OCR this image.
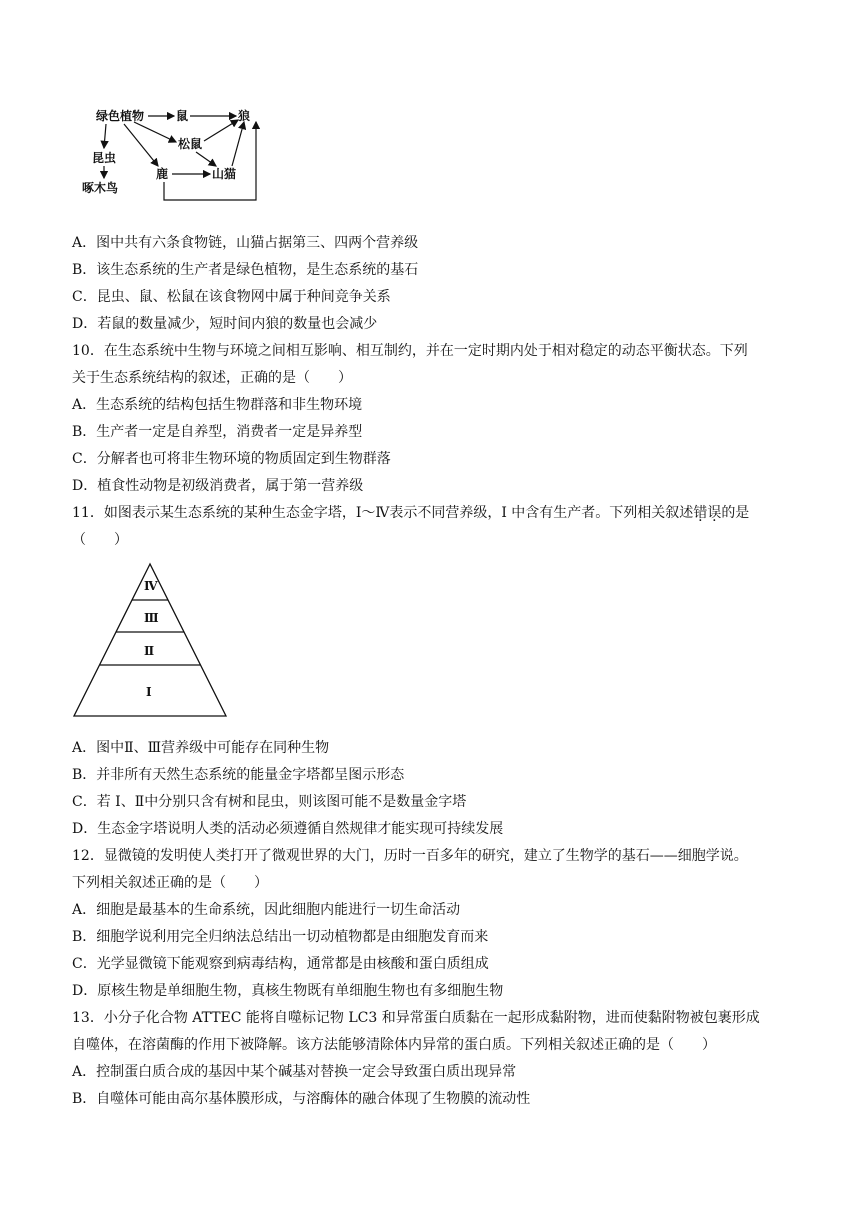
绿色植物	鼠	狼
松鼠
昆虫
啄木鸟
鹿	山猫
A．图中共有六条食物链，山猫占据第三、四两个营养级
B．该生态系统的生产者是绿色植物，是生态系统的基石
C．昆虫、鼠、松鼠在该食物网中属于种间竞争关系
D．若鼠的数量减少，短时间内狼的数量也会减少
10．在生态系统中生物与环境之间相互影响、相互制约，并在一定时期内处于相对稳定的动态平衡状态。下列
关于生态系统结构的叙述，正确的是（　　）
A．生态系统的结构包括生物群落和非生物环境
B．生产者一定是自养型，消费者一定是异养型
C．分解者也可将非生物环境的物质固定到生物群落
D．植食性动物是初级消费者，属于第一营养级
11．如图表示某生态系统的某种生态金字塔，I～Ⅳ表示不同营养级，I 中含有生产者。下列相关叙述错误的是
（　　）
Ⅳ
Ⅲ
Ⅱ
I
A．图中Ⅱ、Ⅲ营养级中可能存在同种生物
B．并非所有天然生态系统的能量金字塔都呈图示形态
C．若 I、Ⅱ中分别只含有树和昆虫，则该图可能不是数量金字塔
D．生态金字塔说明人类的活动必须遵循自然规律才能实现可持续发展
12．显微镜的发明使人类打开了微观世界的大门，历时一百多年的研究，建立了生物学的基石——细胞学说。
下列相关叙述正确的是（　　）
A．细胞是最基本的生命系统，因此细胞内能进行一切生命活动
B．细胞学说利用完全归纳法总结出一切动植物都是由细胞发育而来
C．光学显微镜下能观察到病毒结构，通常都是由核酸和蛋白质组成
D．原核生物是单细胞生物，真核生物既有单细胞生物也有多细胞生物
13．小分子化合物 ATTEC 能将自噬标记物 LC3 和异常蛋白质黏在一起形成黏附物，进而使黏附物被包裹形成
自噬体，在溶菌酶的作用下被降解。该方法能够清除体内异常的蛋白质。下列相关叙述正确的是（　　）
A．控制蛋白质合成的基因中某个碱基对替换一定会导致蛋白质出现异常
B．自噬体可能由高尔基体膜形成，与溶酶体的融合体现了生物膜的流动性
